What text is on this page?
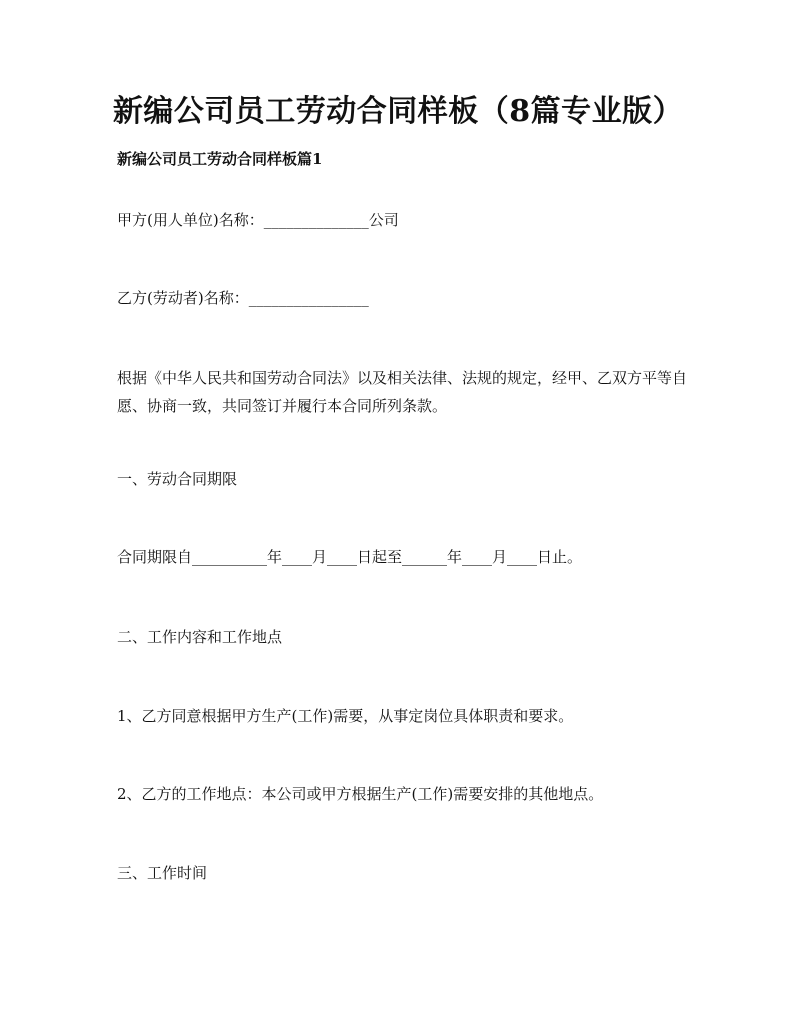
新编公司员工劳动合同样板（8篇专业版）
新编公司员工劳动合同样板篇1
甲方(用人单位)名称：______________公司
乙方(劳动者)名称：________________
根据《中华人民共和国劳动合同法》以及相关法律、法规的规定，经甲、乙双方平等自愿、协商一致，共同签订并履行本合同所列条款。
一、劳动合同期限
合同期限自__________年____月____日起至______年____月____日止。
二、工作内容和工作地点
1、乙方同意根据甲方生产(工作)需要，从事定岗位具体职责和要求。
2、乙方的工作地点：本公司或甲方根据生产(工作)需要安排的其他地点。
三、工作时间
